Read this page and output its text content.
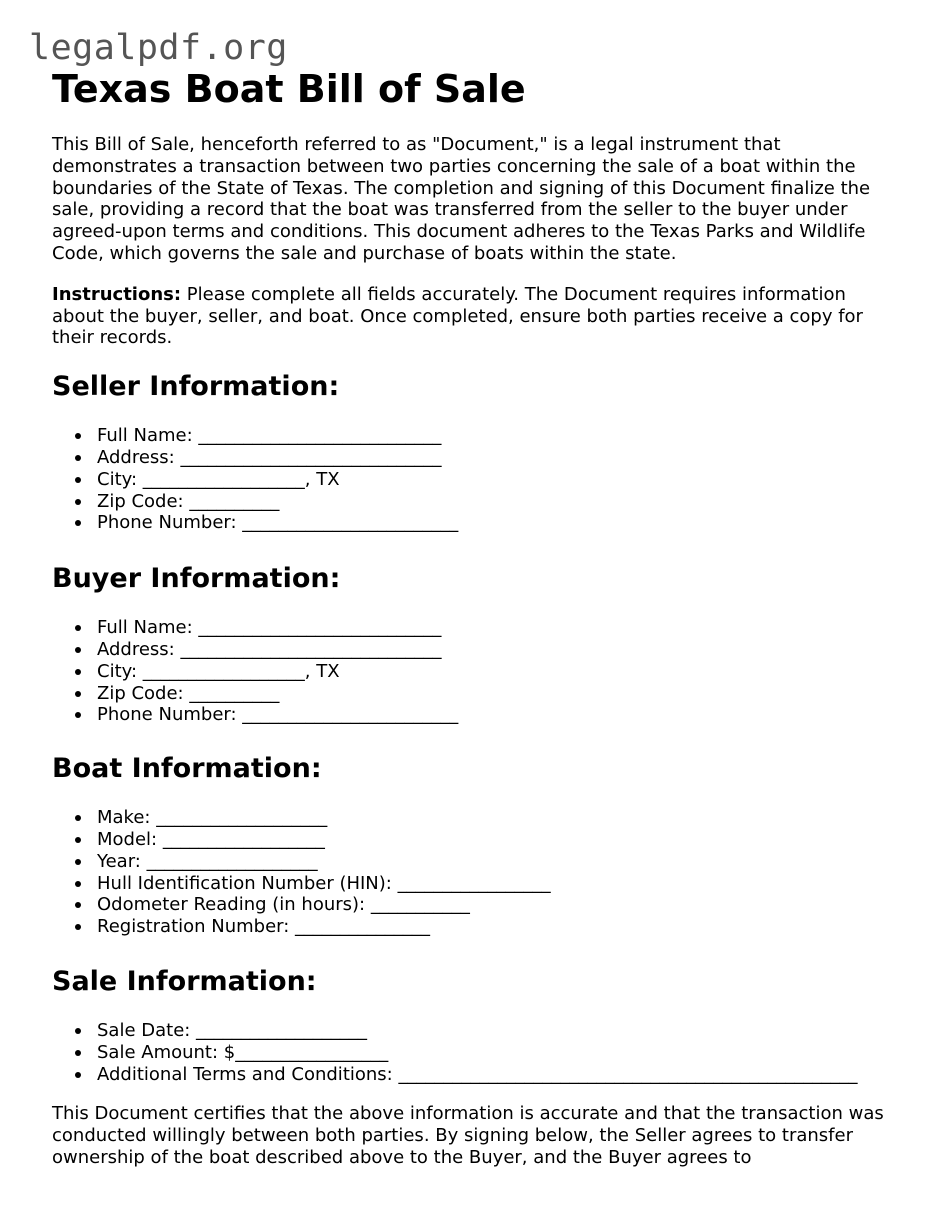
legalpdf.org
Texas Boat Bill of Sale

This Bill of Sale, henceforth referred to as "Document," is a legal instrument that demonstrates a transaction between two parties concerning the sale of a boat within the boundaries of the State of Texas. The completion and signing of this Document finalize the sale, providing a record that the boat was transferred from the seller to the buyer under agreed-upon terms and conditions. This document adheres to the Texas Parks and Wildlife Code, which governs the sale and purchase of boats within the state.

Instructions: Please complete all fields accurately. The Document requires information about the buyer, seller, and boat. Once completed, ensure both parties receive a copy for their records.

Seller Information:
Full Name: ___________________________
Address: _____________________________
City: __________________, TX
Zip Code: __________
Phone Number: ________________________
Buyer Information:
Full Name: ___________________________
Address: _____________________________
City: __________________, TX
Zip Code: __________
Phone Number: ________________________
Boat Information:
Make: ___________________
Model: __________________
Year: ___________________
Hull Identification Number (HIN): _________________
Odometer Reading (in hours): ___________
Registration Number: _______________
Sale Information:
Sale Date: ___________________
Sale Amount: $_________________
Additional Terms and Conditions: ___________________________________________________

This Document certifies that the above information is accurate and that the transaction was conducted willingly between both parties. By signing below, the Seller agrees to transfer ownership of the boat described above to the Buyer, and the Buyer agrees to
